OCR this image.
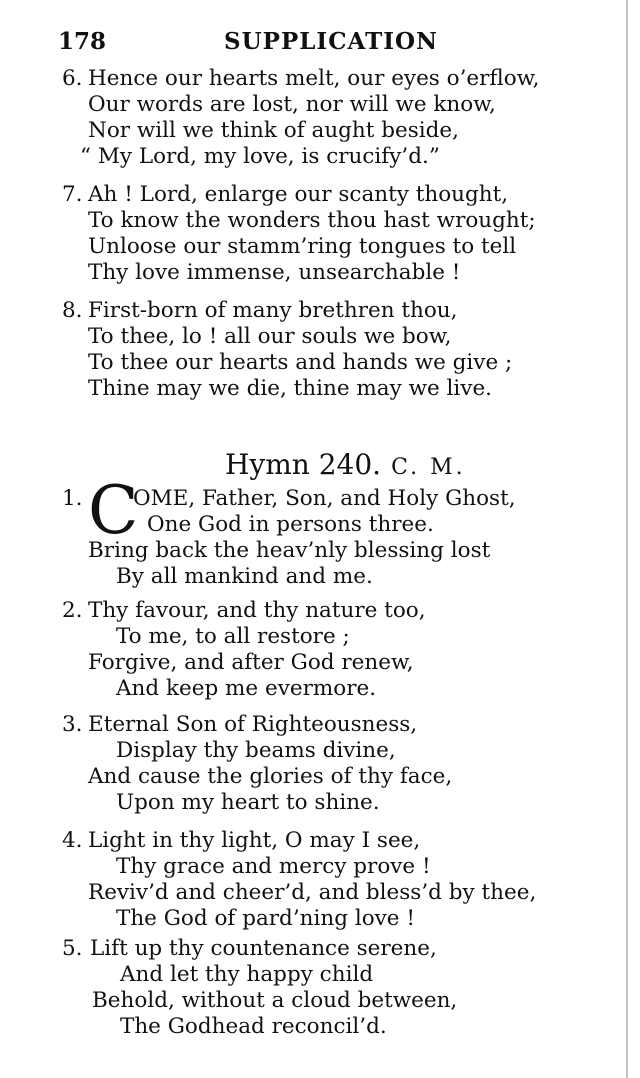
178	SUPPLICATION
6. Hence our hearts melt, our eyes o’erflow,
Our words are lost, nor will we know,
Nor will we think of aught beside,
“ My Lord, my love, is crucify’d.”
7. Ah ! Lord, enlarge our scanty thought,
To know the wonders thou hast wrought;
Unloose our stamm’ring tongues to tell
Thy love immense, unsearchable !
8. First-born of many brethren thou,
To thee, lo ! all our souls we bow,
To thee our hearts and hands we give ;
Thine may we die, thine may we live.
Hymn 240. C. M.
1. C
OME, Father, Son, and Holy Ghost,
One God in persons three.
Bring back the heav’nly blessing lost
By all mankind and me.
2. Thy favour, and thy nature too,
To me, to all restore ;
Forgive, and after God renew,
And keep me evermore.
3. Eternal Son of Righteousness,
Display thy beams divine,
And cause the glories of thy face,
Upon my heart to shine.
4. Light in thy light, O may I see,
Thy grace and mercy prove !
Reviv’d and cheer’d, and bless’d by thee,
The God of pard’ning love !
5. Lift up thy countenance serene,
And let thy happy child
Behold, without a cloud between,
The Godhead reconcil’d.
